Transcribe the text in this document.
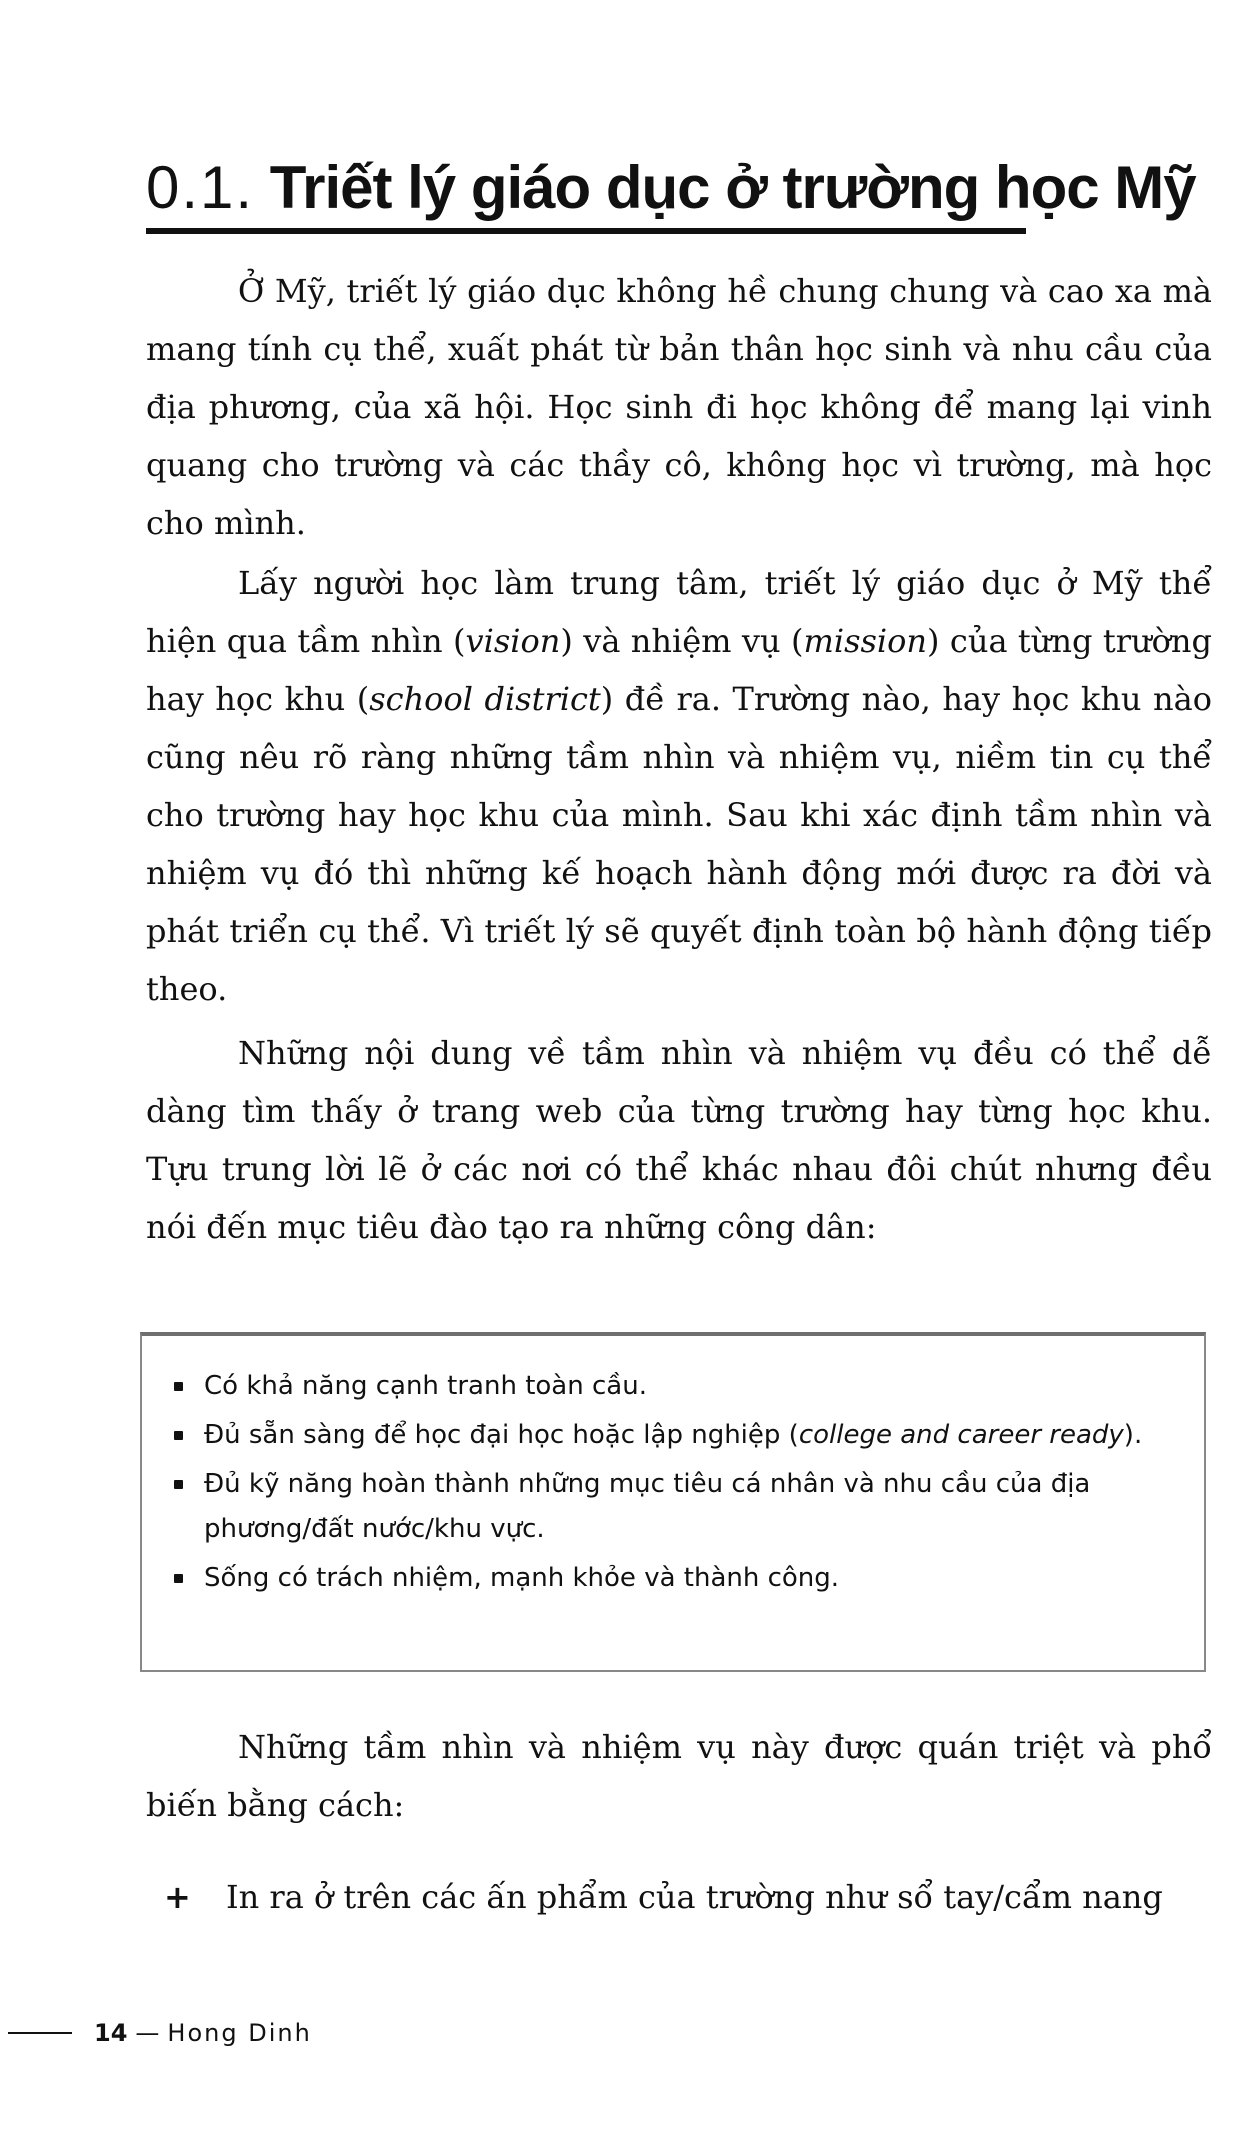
0.1. Triết lý giáo dục ở trường học Mỹ

Ở Mỹ, triết lý giáo dục không hề chung chung và cao xa mà mang tính cụ thể, xuất phát từ bản thân học sinh và nhu cầu của địa phương, của xã hội. Học sinh đi học không để mang lại vinh quang cho trường và các thầy cô, không học vì trường, mà học cho mình.

Lấy người học làm trung tâm, triết lý giáo dục ở Mỹ thể hiện qua tầm nhìn (vision) và nhiệm vụ (mission) của từng trường hay học khu (school district) đề ra. Trường nào, hay học khu nào cũng nêu rõ ràng những tầm nhìn và nhiệm vụ, niềm tin cụ thể cho trường hay học khu của mình. Sau khi xác định tầm nhìn và nhiệm vụ đó thì những kế hoạch hành động mới được ra đời và phát triển cụ thể. Vì triết lý sẽ quyết định toàn bộ hành động tiếp theo.

Những nội dung về tầm nhìn và nhiệm vụ đều có thể dễ dàng tìm thấy ở trang web của từng trường hay từng học khu. Tựu trung lời lẽ ở các nơi có thể khác nhau đôi chút nhưng đều nói đến mục tiêu đào tạo ra những công dân:

Có khả năng cạnh tranh toàn cầu.
Đủ sẵn sàng để học đại học hoặc lập nghiệp (college and career ready).
Đủ kỹ năng hoàn thành những mục tiêu cá nhân và nhu cầu của địa phương/đất nước/khu vực.
Sống có trách nhiệm, mạnh khỏe và thành công.

Những tầm nhìn và nhiệm vụ này được quán triệt và phổ biến bằng cách:

+ In ra ở trên các ấn phẩm của trường như sổ tay/cẩm nang
14 — Hong Dinh
